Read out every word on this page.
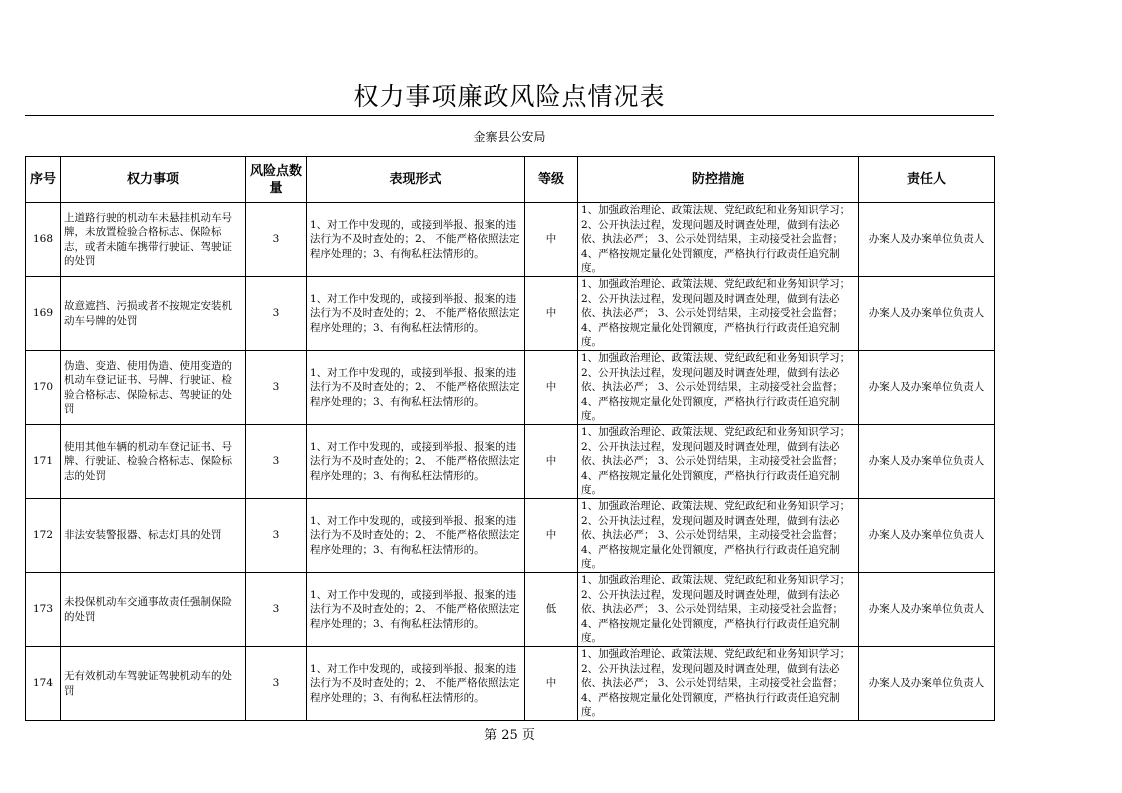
权力事项廉政风险点情况表
金寨县公安局
序号	权力事项	风险点数量	表现形式	等级	防控措施	责任人
168	上道路行驶的机动车未悬挂机动车号牌，未放置检验合格标志、保险标志，或者未随车携带行驶证、驾驶证的处罚	3	1、对工作中发现的，或接到举报、报案的违法行为不及时查处的；2、 不能严格依照法定程序处理的；3、有徇私枉法情形的。	中	1、加强政治理论、政策法规、党纪政纪和业务知识学习； 2、公开执法过程，发现问题及时调查处理，做到有法必依、执法必严； 3、公示处罚结果，主动接受社会监督； 4、严格按规定量化处罚额度，严格执行行政责任追究制度。	办案人及办案单位负责人
169	故意遮挡、污损或者不按规定安装机动车号牌的处罚	3	1、对工作中发现的，或接到举报、报案的违法行为不及时查处的；2、 不能严格依照法定程序处理的；3、有徇私枉法情形的。	中	1、加强政治理论、政策法规、党纪政纪和业务知识学习； 2、公开执法过程，发现问题及时调查处理，做到有法必依、执法必严； 3、公示处罚结果，主动接受社会监督； 4、严格按规定量化处罚额度，严格执行行政责任追究制度。	办案人及办案单位负责人
170	伪造、变造、使用伪造、使用变造的机动车登记证书、号牌、行驶证、检验合格标志、保险标志、驾驶证的处罚	3	1、对工作中发现的，或接到举报、报案的违法行为不及时查处的；2、 不能严格依照法定程序处理的；3、有徇私枉法情形的。	中	1、加强政治理论、政策法规、党纪政纪和业务知识学习； 2、公开执法过程，发现问题及时调查处理，做到有法必依、执法必严； 3、公示处罚结果，主动接受社会监督； 4、严格按规定量化处罚额度，严格执行行政责任追究制度。	办案人及办案单位负责人
171	使用其他车辆的机动车登记证书、号牌、行驶证、检验合格标志、保险标志的处罚	3	1、对工作中发现的，或接到举报、报案的违法行为不及时查处的；2、 不能严格依照法定程序处理的；3、有徇私枉法情形的。	中	1、加强政治理论、政策法规、党纪政纪和业务知识学习； 2、公开执法过程，发现问题及时调查处理，做到有法必依、执法必严； 3、公示处罚结果，主动接受社会监督； 4、严格按规定量化处罚额度，严格执行行政责任追究制度。	办案人及办案单位负责人
172	非法安装警报器、标志灯具的处罚	3	1、对工作中发现的，或接到举报、报案的违法行为不及时查处的；2、 不能严格依照法定程序处理的；3、有徇私枉法情形的。	中	1、加强政治理论、政策法规、党纪政纪和业务知识学习； 2、公开执法过程，发现问题及时调查处理，做到有法必依、执法必严； 3、公示处罚结果，主动接受社会监督； 4、严格按规定量化处罚额度，严格执行行政责任追究制度。	办案人及办案单位负责人
173	未投保机动车交通事故责任强制保险的处罚	3	1、对工作中发现的，或接到举报、报案的违法行为不及时查处的；2、 不能严格依照法定程序处理的；3、有徇私枉法情形的。	低	1、加强政治理论、政策法规、党纪政纪和业务知识学习； 2、公开执法过程，发现问题及时调查处理，做到有法必依、执法必严； 3、公示处罚结果，主动接受社会监督； 4、严格按规定量化处罚额度，严格执行行政责任追究制度。	办案人及办案单位负责人
174	无有效机动车驾驶证驾驶机动车的处罚	3	1、对工作中发现的，或接到举报、报案的违法行为不及时查处的；2、 不能严格依照法定程序处理的；3、有徇私枉法情形的。	中	1、加强政治理论、政策法规、党纪政纪和业务知识学习； 2、公开执法过程，发现问题及时调查处理，做到有法必依、执法必严； 3、公示处罚结果，主动接受社会监督； 4、严格按规定量化处罚额度，严格执行行政责任追究制度。	办案人及办案单位负责人
第 25 页
